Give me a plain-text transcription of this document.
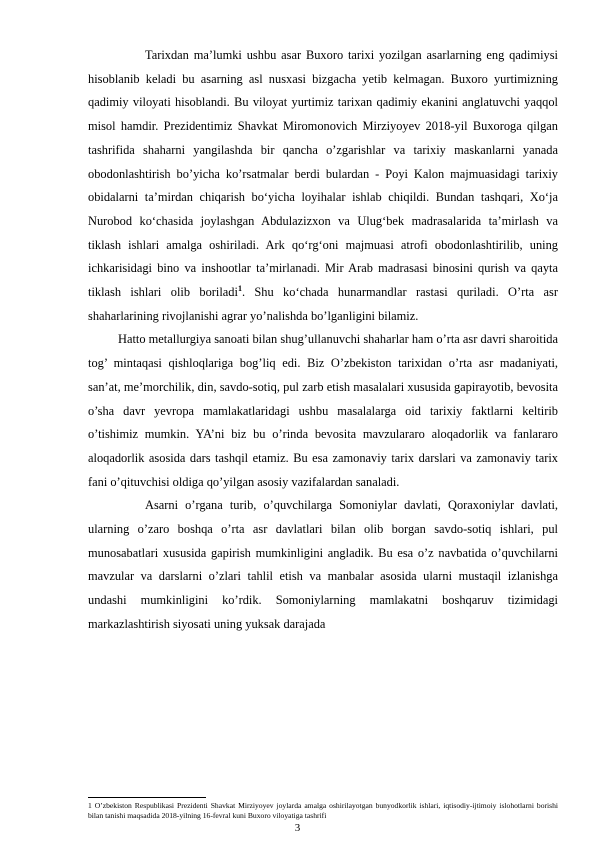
Tarixdan ma’lumki ushbu asar Buxoro tarixi yozilgan asarlarning eng qadimiysi hisoblanib keladi bu asarning asl nusxasi bizgacha yetib kelmagan. Buxoro yurtimizning qadimiy viloyati hisoblandi. Bu viloyat yurtimiz tarixan qadimiy ekanini anglatuvchi yaqqol misol hamdir. Prezidentimiz Shavkat Miromonovich Mirziyoyev 2018-yil Buxoroga qilgan tashrifida shaharni yangilashda bir qancha o’zgarishlar va tarixiy maskanlarni yanada obodonlashtirish bo’yicha ko’rsatmalar berdi bulardan - Poyi Kalon majmuasidagi tarixiy obidalarni ta’mirdan chiqarish bo‘yicha loyihalar ishlab chiqildi. Bundan tashqari, Xo‘ja Nurobod ko‘chasida joylashgan Abdulazizxon va Ulug‘bek madrasalarida ta’mirlash va tiklash ishlari amalga oshiriladi. Ark qo‘rg‘oni majmuasi atrofi obodonlashtirilib, uning ichkarisidagi bino va inshootlar ta’mirlanadi. Mir Arab madrasasi binosini qurish va qayta tiklash ishlari olib boriladi$^1$. Shu ko‘chada hunarmandlar rastasi quriladi. O’rta asr shaharlarining rivojlanishi agrar yo’nalishda bo’lganligini bilamiz.

Hatto metallurgiya sanoati bilan shug’ullanuvchi shaharlar ham o’rta asr davri sharoitida tog’ mintaqasi qishloqlariga bog’liq edi. Biz O’zbekiston tarixidan o’rta asr madaniyati, san’at, me’morchilik, din, savdo-sotiq, pul zarb etish masalalari xususida gapirayotib, bevosita o’sha davr yevropa mamlakatlaridagi ushbu masalalarga oid tarixiy faktlarni keltirib o’tishimiz mumkin. YA’ni biz bu o’rinda bevosita mavzulararo aloqadorlik va fanlararo aloqadorlik asosida dars tashqil etamiz. Bu esa zamonaviy tarix darslari va zamonaviy tarix fani o’qituvchisi oldiga qo’yilgan asosiy vazifalardan sanaladi.

Asarni o’rgana turib, o’quvchilarga Somoniylar davlati, Qoraxoniylar davlati, ularning o’zaro boshqa o’rta asr davlatlari bilan olib borgan savdo-sotiq ishlari, pul munosabatlari xususida gapirish mumkinligini angladik. Bu esa o’z navbatida o’quvchilarni mavzular va darslarni o’zlari tahlil etish va manbalar asosida ularni mustaqil izlanishga undashi mumkinligini ko’rdik. Somoniylarning mamlakatni boshqaruv tizimidagi markazlashtirish siyosati uning yuksak darajada

1 O’zbekiston Respublikasi Prezidenti Shavkat Mirziyoyev joylarda amalga oshirilayotgan bunyodkorlik ishlari, iqtisodiy-ijtimoiy islohotlarni borishi bilan tanishi maqsadida 2018-yilning 16-fevral kuni Buxoro viloyatiga tashrifi

3
